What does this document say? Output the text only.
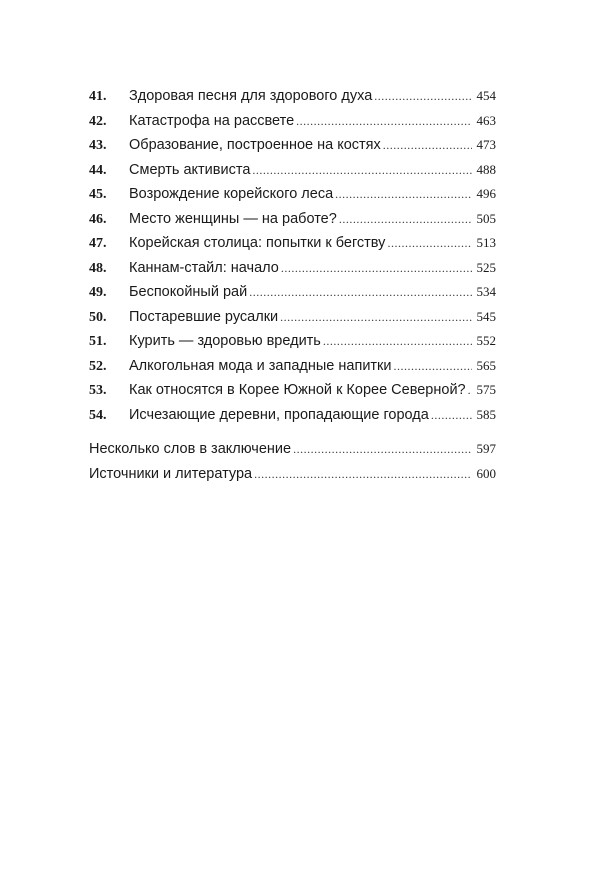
41.	Здоровая песня для здорового духа .....	454
42.	Катастрофа на рассвете .....	463
43.	Образование, построенное на костях .....	473
44.	Смерть активиста .....	488
45.	Возрождение корейского леса .....	496
46.	Место женщины — на работе? .....	505
47.	Корейская столица: попытки к бегству .....	513
48.	Каннам-стайл: начало .....	525
49.	Беспокойный рай .....	534
50.	Постаревшие русалки .....	545
51.	Курить — здоровью вредить .....	552
52.	Алкогольная мода и западные напитки .....	565
53.	Как относятся в Корее Южной к Корее Северной? ..... 575
54.	Исчезающие деревни, пропадающие города .....	585
Несколько слов в заключение .....	597
Источники и литература .....	600
